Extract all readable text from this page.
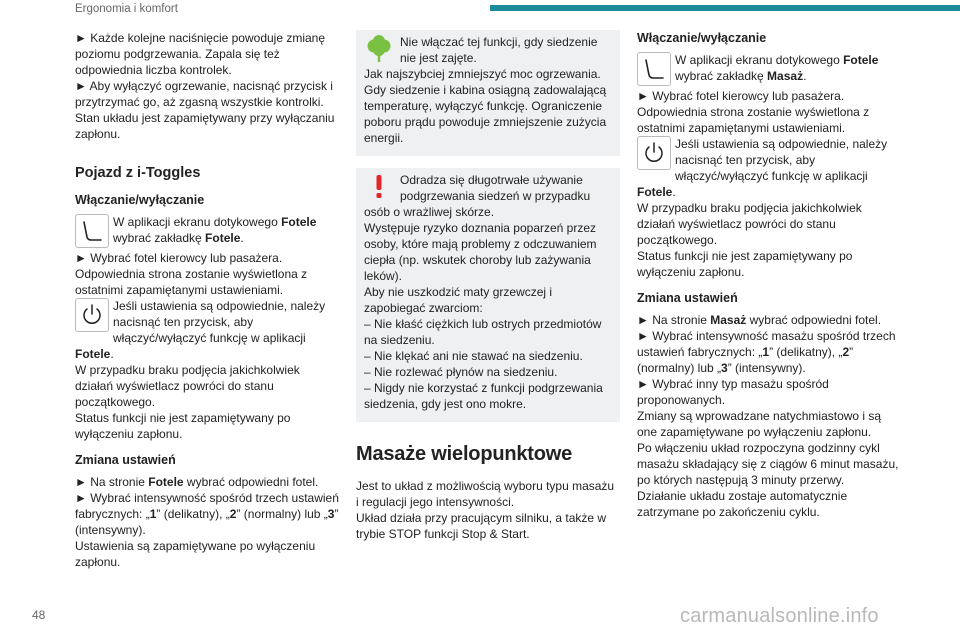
Ergonomia i komfort

► Każde kolejne naciśnięcie powoduje zmianę poziomu podgrzewania. Zapala się też odpowiednia liczba kontrolek.

► Aby wyłączyć ogrzewanie, nacisnąć przycisk i przytrzymać go, aż zgasną wszystkie kontrolki.

Stan układu jest zapamiętywany przy wyłączaniu zapłonu.

Pojazd z i-Toggles
Włączanie/wyłączanie
W aplikacji ekranu dotykowego Fotele wybrać zakładkę Fotele.

► Wybrać fotel kierowcy lub pasażera.

Odpowiednia strona zostanie wyświetlona z ostatnimi zapamiętanymi ustawieniami.

Jeśli ustawienia są odpowiednie, należy nacisnąć ten przycisk, aby włączyć/wyłączyć funkcję w aplikacji Fotele.

W przypadku braku podjęcia jakichkolwiek działań wyświetlacz powróci do stanu początkowego.

Status funkcji nie jest zapamiętywany po wyłączeniu zapłonu.

Zmiana ustawień

► Na stronie Fotele wybrać odpowiedni fotel.

► Wybrać intensywność spośród trzech ustawień fabrycznych: „1” (delikatny), „2” (normalny) lub „3” (intensywny).

Ustawienia są zapamiętywane po wyłączeniu zapłonu.

Nie włączać tej funkcji, gdy siedzenie nie jest zajęte.

Jak najszybciej zmniejszyć moc ogrzewania. Gdy siedzenie i kabina osiągną zadowalającą temperaturę, wyłączyć funkcję. Ograniczenie poboru prądu powoduje zmniejszenie zużycia energii.

Odradza się długotrwałe używanie podgrzewania siedzeń w przypadku osób o wrażliwej skórze.

Występuje ryzyko doznania poparzeń przez osoby, które mają problemy z odczuwaniem ciepła (np. wskutek choroby lub zażywania leków).

Aby nie uszkodzić maty grzewczej i zapobiegać zwarciom:

– Nie kłaść ciężkich lub ostrych przedmiotów na siedzeniu.

– Nie klękać ani nie stawać na siedzeniu.

– Nie rozlewać płynów na siedzeniu.

– Nigdy nie korzystać z funkcji podgrzewania siedzenia, gdy jest ono mokre.

Masaże wielopunktowe

Jest to układ z możliwością wyboru typu masażu i regulacji jego intensywności.

Układ działa przy pracującym silniku, a także w trybie STOP funkcji Stop & Start.

Włączanie/wyłączanie
W aplikacji ekranu dotykowego Fotele wybrać zakładkę Masaż.

► Wybrać fotel kierowcy lub pasażera.

Odpowiednia strona zostanie wyświetlona z ostatnimi zapamiętanymi ustawieniami.

Jeśli ustawienia są odpowiednie, należy nacisnąć ten przycisk, aby włączyć/wyłączyć funkcję w aplikacji Fotele.

W przypadku braku podjęcia jakichkolwiek działań wyświetlacz powróci do stanu początkowego.

Status funkcji nie jest zapamiętywany po wyłączeniu zapłonu.

Zmiana ustawień

► Na stronie Masaż wybrać odpowiedni fotel.

► Wybrać intensywność masażu spośród trzech ustawień fabrycznych: „1” (delikatny), „2” (normalny) lub „3” (intensywny).

► Wybrać inny typ masażu spośród proponowanych.

Zmiany są wprowadzane natychmiastowo i są one zapamiętywane po wyłączeniu zapłonu.

Po włączeniu układ rozpoczyna godzinny cykl masażu składający się z ciągów 6 minut masażu, po których następują 3 minuty przerwy.

Działanie układu zostaje automatycznie zatrzymane po zakończeniu cyklu.

48	carmanualsonline.info
